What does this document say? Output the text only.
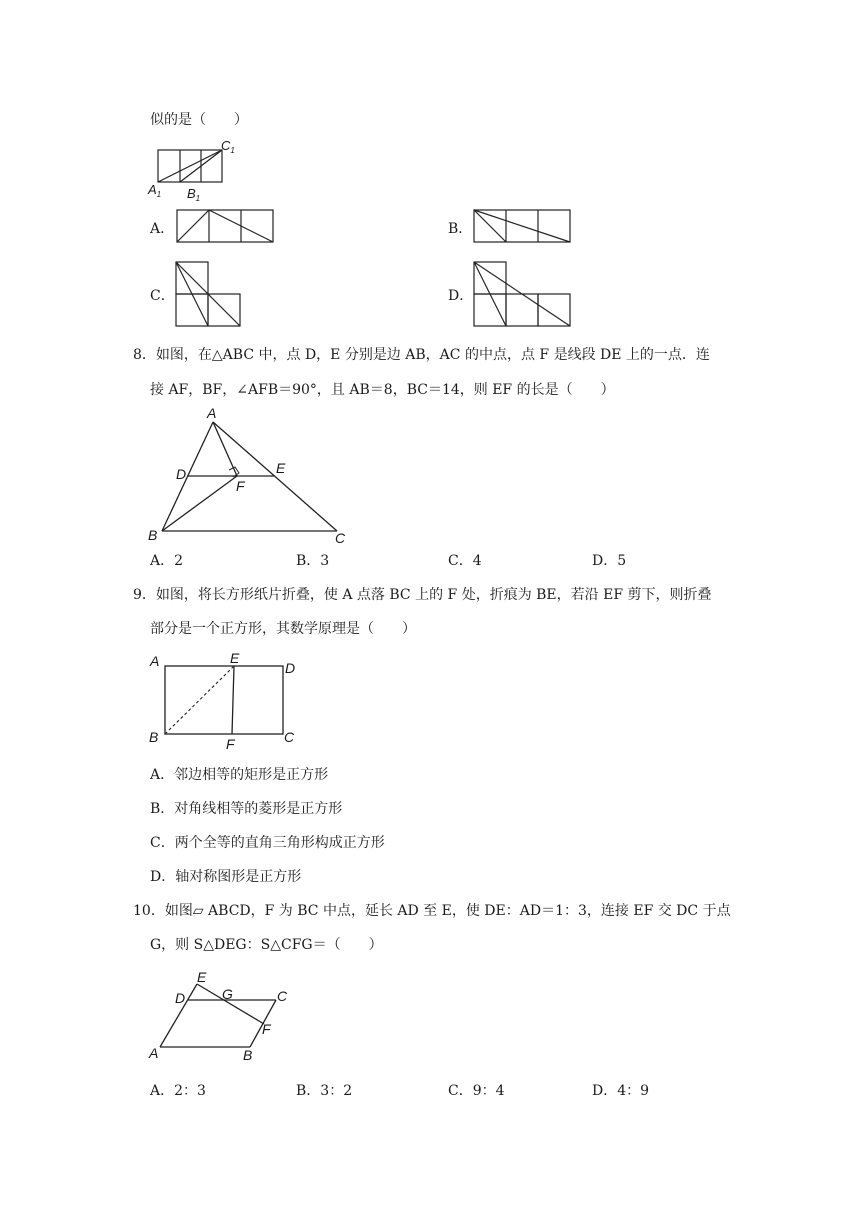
似的是（　　）
$C_1$
$A_1$ $B_1$
A．	B．
C．	D．
8．如图，在△ABC 中，点 D，E 分别是边 AB，AC 的中点，点 F 是线段 DE 上的一点．连
接 AF，BF，∠AFB＝90°，且 AB＝8，BC＝14，则 EF 的长是（　　）
A
D	E
F
B	C
A．2	B．3	C．4	D．5
9．如图，将长方形纸片折叠，使 A 点落 BC 上的 F 处，折痕为 BE，若沿 EF 剪下，则折叠
部分是一个正方形，其数学原理是（　　）
A	E
D
B	F	C
A．邻边相等的矩形是正方形
B．对角线相等的菱形是正方形
C．两个全等的直角三角形构成正方形
D．轴对称图形是正方形
10．如图▱ ABCD，F 为 BC 中点，延长 AD 至 E，使 DE：AD＝1：3，连接 EF 交 DC 于点
G，则 S△DEG：S△CFG＝（　　）
E
D	G	C
F
A	B
A．2：3	B．3：2	C．9：4	D．4：9
